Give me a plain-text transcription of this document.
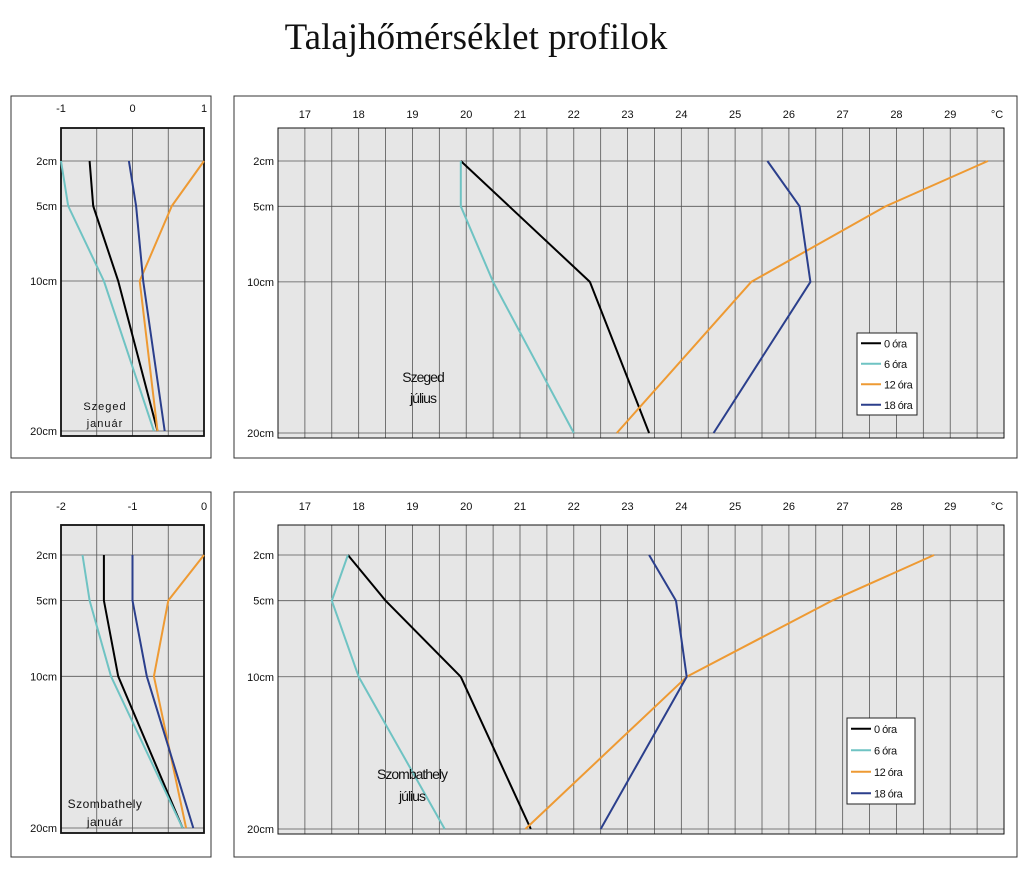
Talajhőmérséklet profilok
-1	0	1
2cm
5cm
10cm
20cm
Szeged
január
17	18	19	20	21	22	23	24	25	26	27	28	29	°C
2cm
5cm
10cm
20cm
Szeged
július
0 óra
6 óra
12 óra
18 óra
-2	-1	0
2cm
5cm
10cm
20cm
Szombathely
január
17	18	19	20	21	22	23	24	25	26	27	28	29	°C
2cm
5cm
10cm
20cm
Szombathely
július
0 óra
6 óra
12 óra
18 óra
